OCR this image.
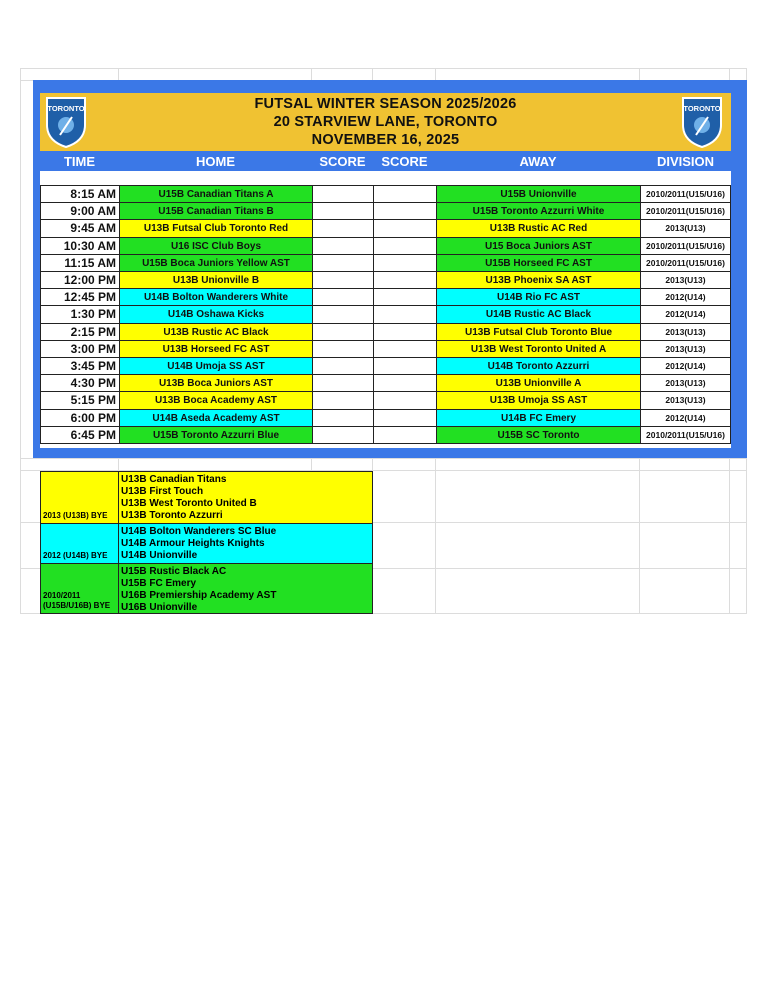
FUTSAL WINTER SEASON 2025/2026
20 STARVIEW LANE, TORONTO
NOVEMBER 16, 2025
TORONTO	TORONTO
TIME	HOME	SCORE	SCORE	AWAY	DIVISION
8:15 AM	U15B Canadian Titans A	U15B Unionville	2010/2011(U15/U16)
9:00 AM	U15B Canadian Titans B	U15B Toronto Azzurri White	2010/2011(U15/U16)
9:45 AM	U13B Futsal Club Toronto Red	U13B Rustic AC Red	2013(U13)
10:30 AM	U16 ISC Club Boys	U15 Boca Juniors AST	2010/2011(U15/U16)
11:15 AM	U15B Boca Juniors Yellow AST	U15B Horseed FC AST	2010/2011(U15/U16)
12:00 PM	U13B Unionville B	U13B Phoenix SA AST	2013(U13)
12:45 PM	U14B Bolton Wanderers White	U14B Rio FC AST	2012(U14)
1:30 PM	U14B Oshawa Kicks	U14B Rustic AC Black	2012(U14)
2:15 PM	U13B Rustic AC Black	U13B Futsal Club Toronto Blue	2013(U13)
3:00 PM	U13B Horseed FC AST	U13B West Toronto United A	2013(U13)
3:45 PM	U14B Umoja SS AST	U14B Toronto Azzurri	2012(U14)
4:30 PM	U13B Boca Juniors AST	U13B Unionville A	2013(U13)
5:15 PM	U13B Boca Academy AST	U13B Umoja SS AST	2013(U13)
6:00 PM	U14B Aseda Academy AST	U14B FC Emery	2012(U14)
6:45 PM	U15B Toronto Azzurri Blue	U15B SC Toronto	2010/2011(U15/U16)
2013 (U13B) BYE
U13B Canadian Titans
U13B First Touch
U13B West Toronto United B
U13B Toronto Azzurri
2012 (U14B) BYE
U14B Bolton Wanderers SC Blue
U14B Armour Heights Knights
U14B Unionville
2010/2011
(U15B/U16B) BYE
U15B Rustic Black AC
U15B FC Emery
U16B Premiership Academy AST
U16B Unionville
